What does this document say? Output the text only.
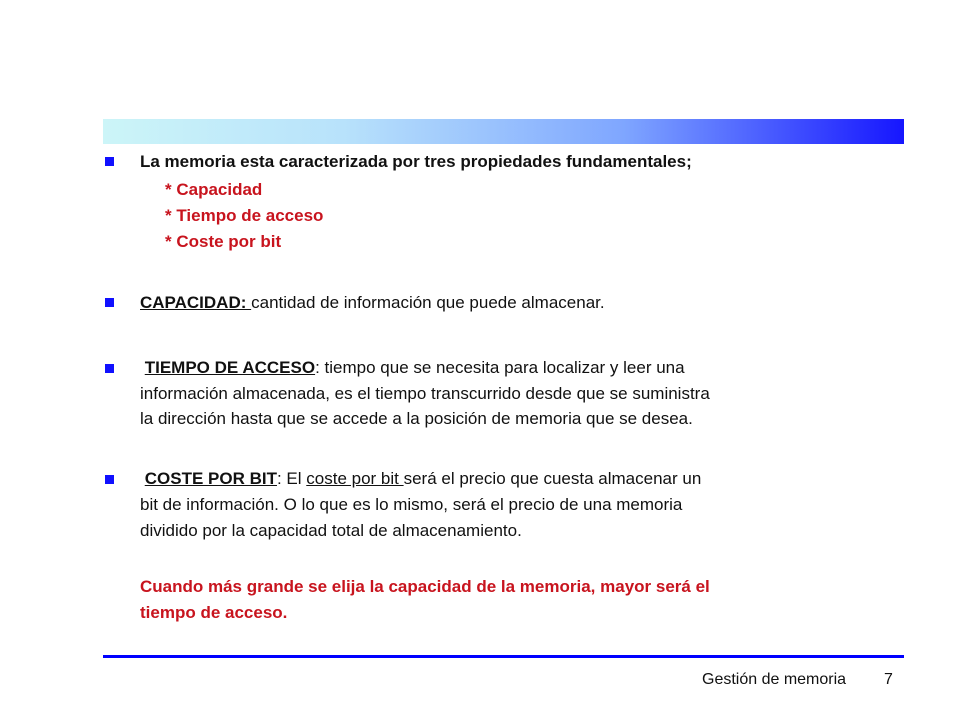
La memoria esta caracterizada por tres propiedades fundamentales;
* Capacidad
* Tiempo de acceso
* Coste por bit
CAPACIDAD: cantidad de información que puede almacenar.
TIEMPO DE ACCESO: tiempo que se necesita para localizar y leer una
información almacenada, es el tiempo transcurrido desde que se suministra
la dirección hasta que se accede a la posición de memoria que se desea.
COSTE POR BIT: El coste por bit será el precio que cuesta almacenar un
bit de información. O lo que es lo mismo, será el precio de una memoria
dividido por la capacidad total de almacenamiento.
Cuando más grande se elija la capacidad de la memoria, mayor será el
tiempo de acceso.
Gestión de memoria 7
